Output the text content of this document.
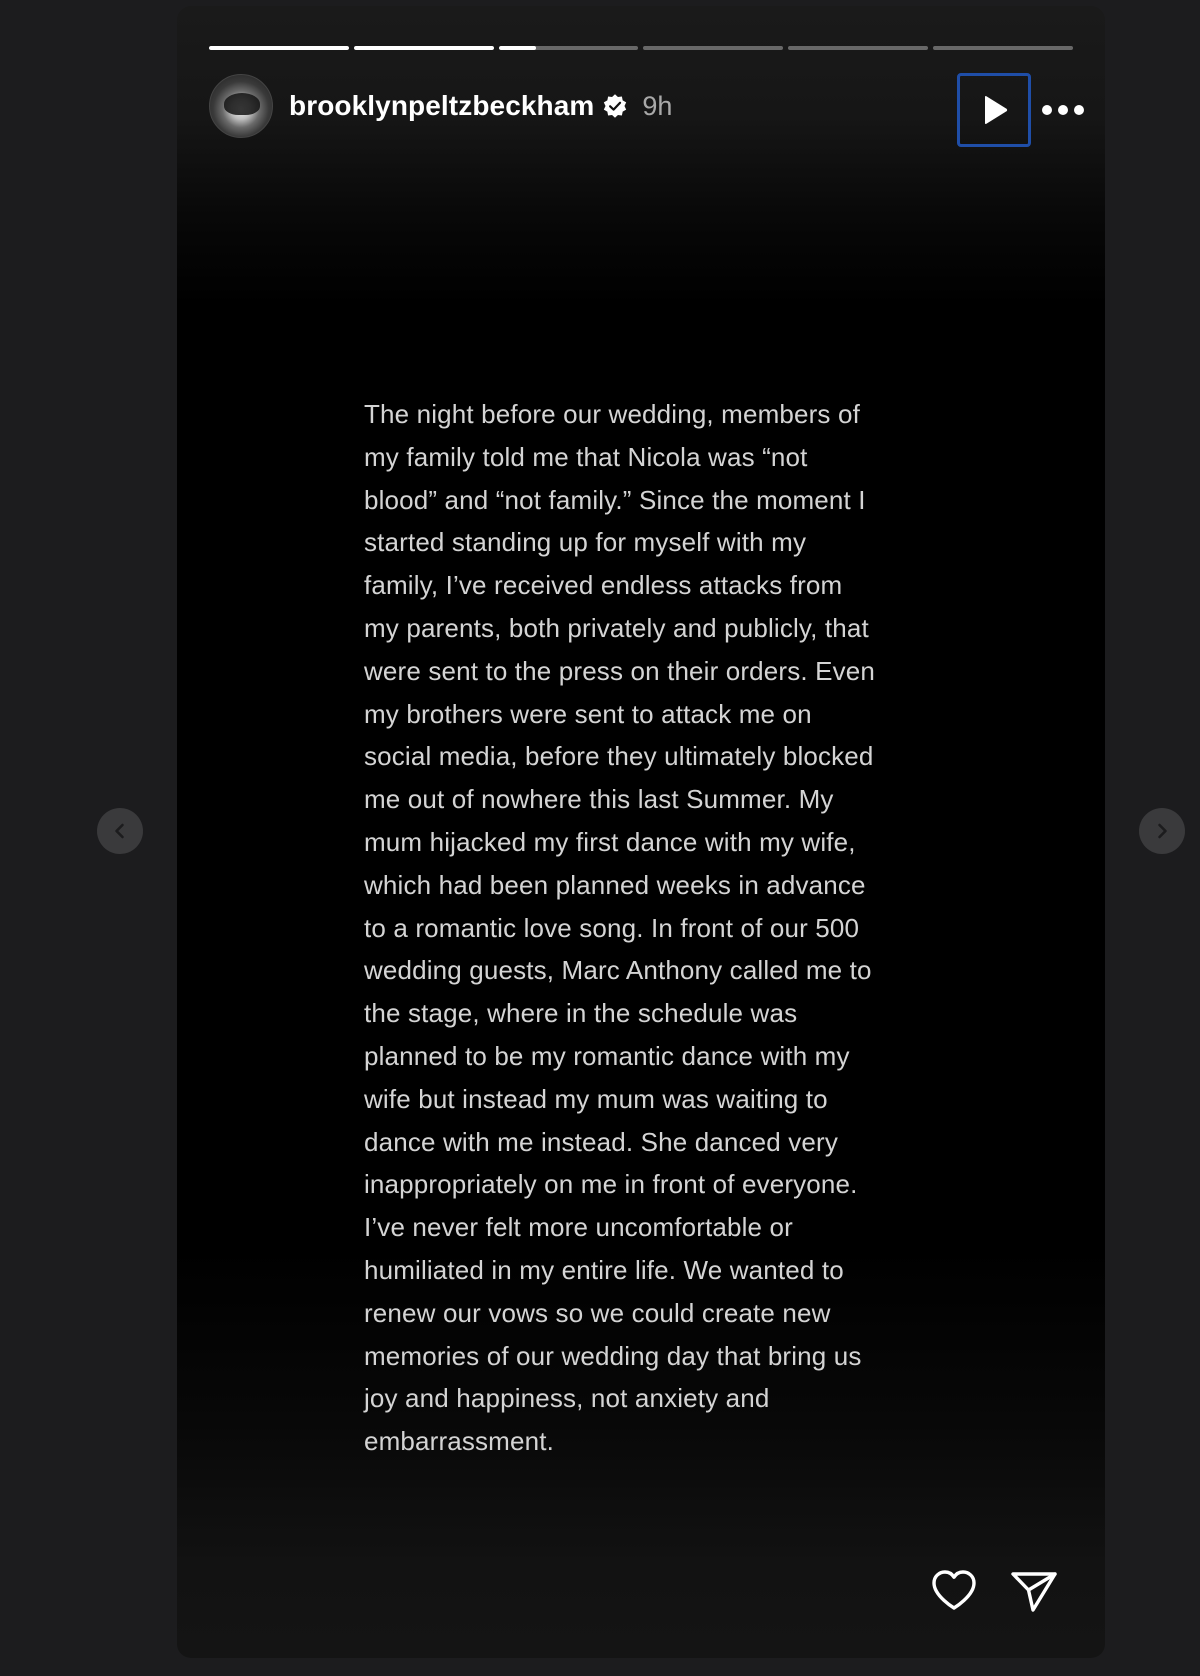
brooklynpeltzbeckham 9h
The night before our wedding, members of
my family told me that Nicola was “not
blood” and “not family.” Since the moment I
started standing up for myself with my
family, I’ve received endless attacks from
my parents, both privately and publicly, that
were sent to the press on their orders. Even
my brothers were sent to attack me on
social media, before they ultimately blocked
me out of nowhere this last Summer. My
mum hijacked my first dance with my wife,
which had been planned weeks in advance
to a romantic love song. In front of our 500
wedding guests, Marc Anthony called me to
the stage, where in the schedule was
planned to be my romantic dance with my
wife but instead my mum was waiting to
dance with me instead. She danced very
inappropriately on me in front of everyone.
I’ve never felt more uncomfortable or
humiliated in my entire life. We wanted to
renew our vows so we could create new
memories of our wedding day that bring us
joy and happiness, not anxiety and
embarrassment.
